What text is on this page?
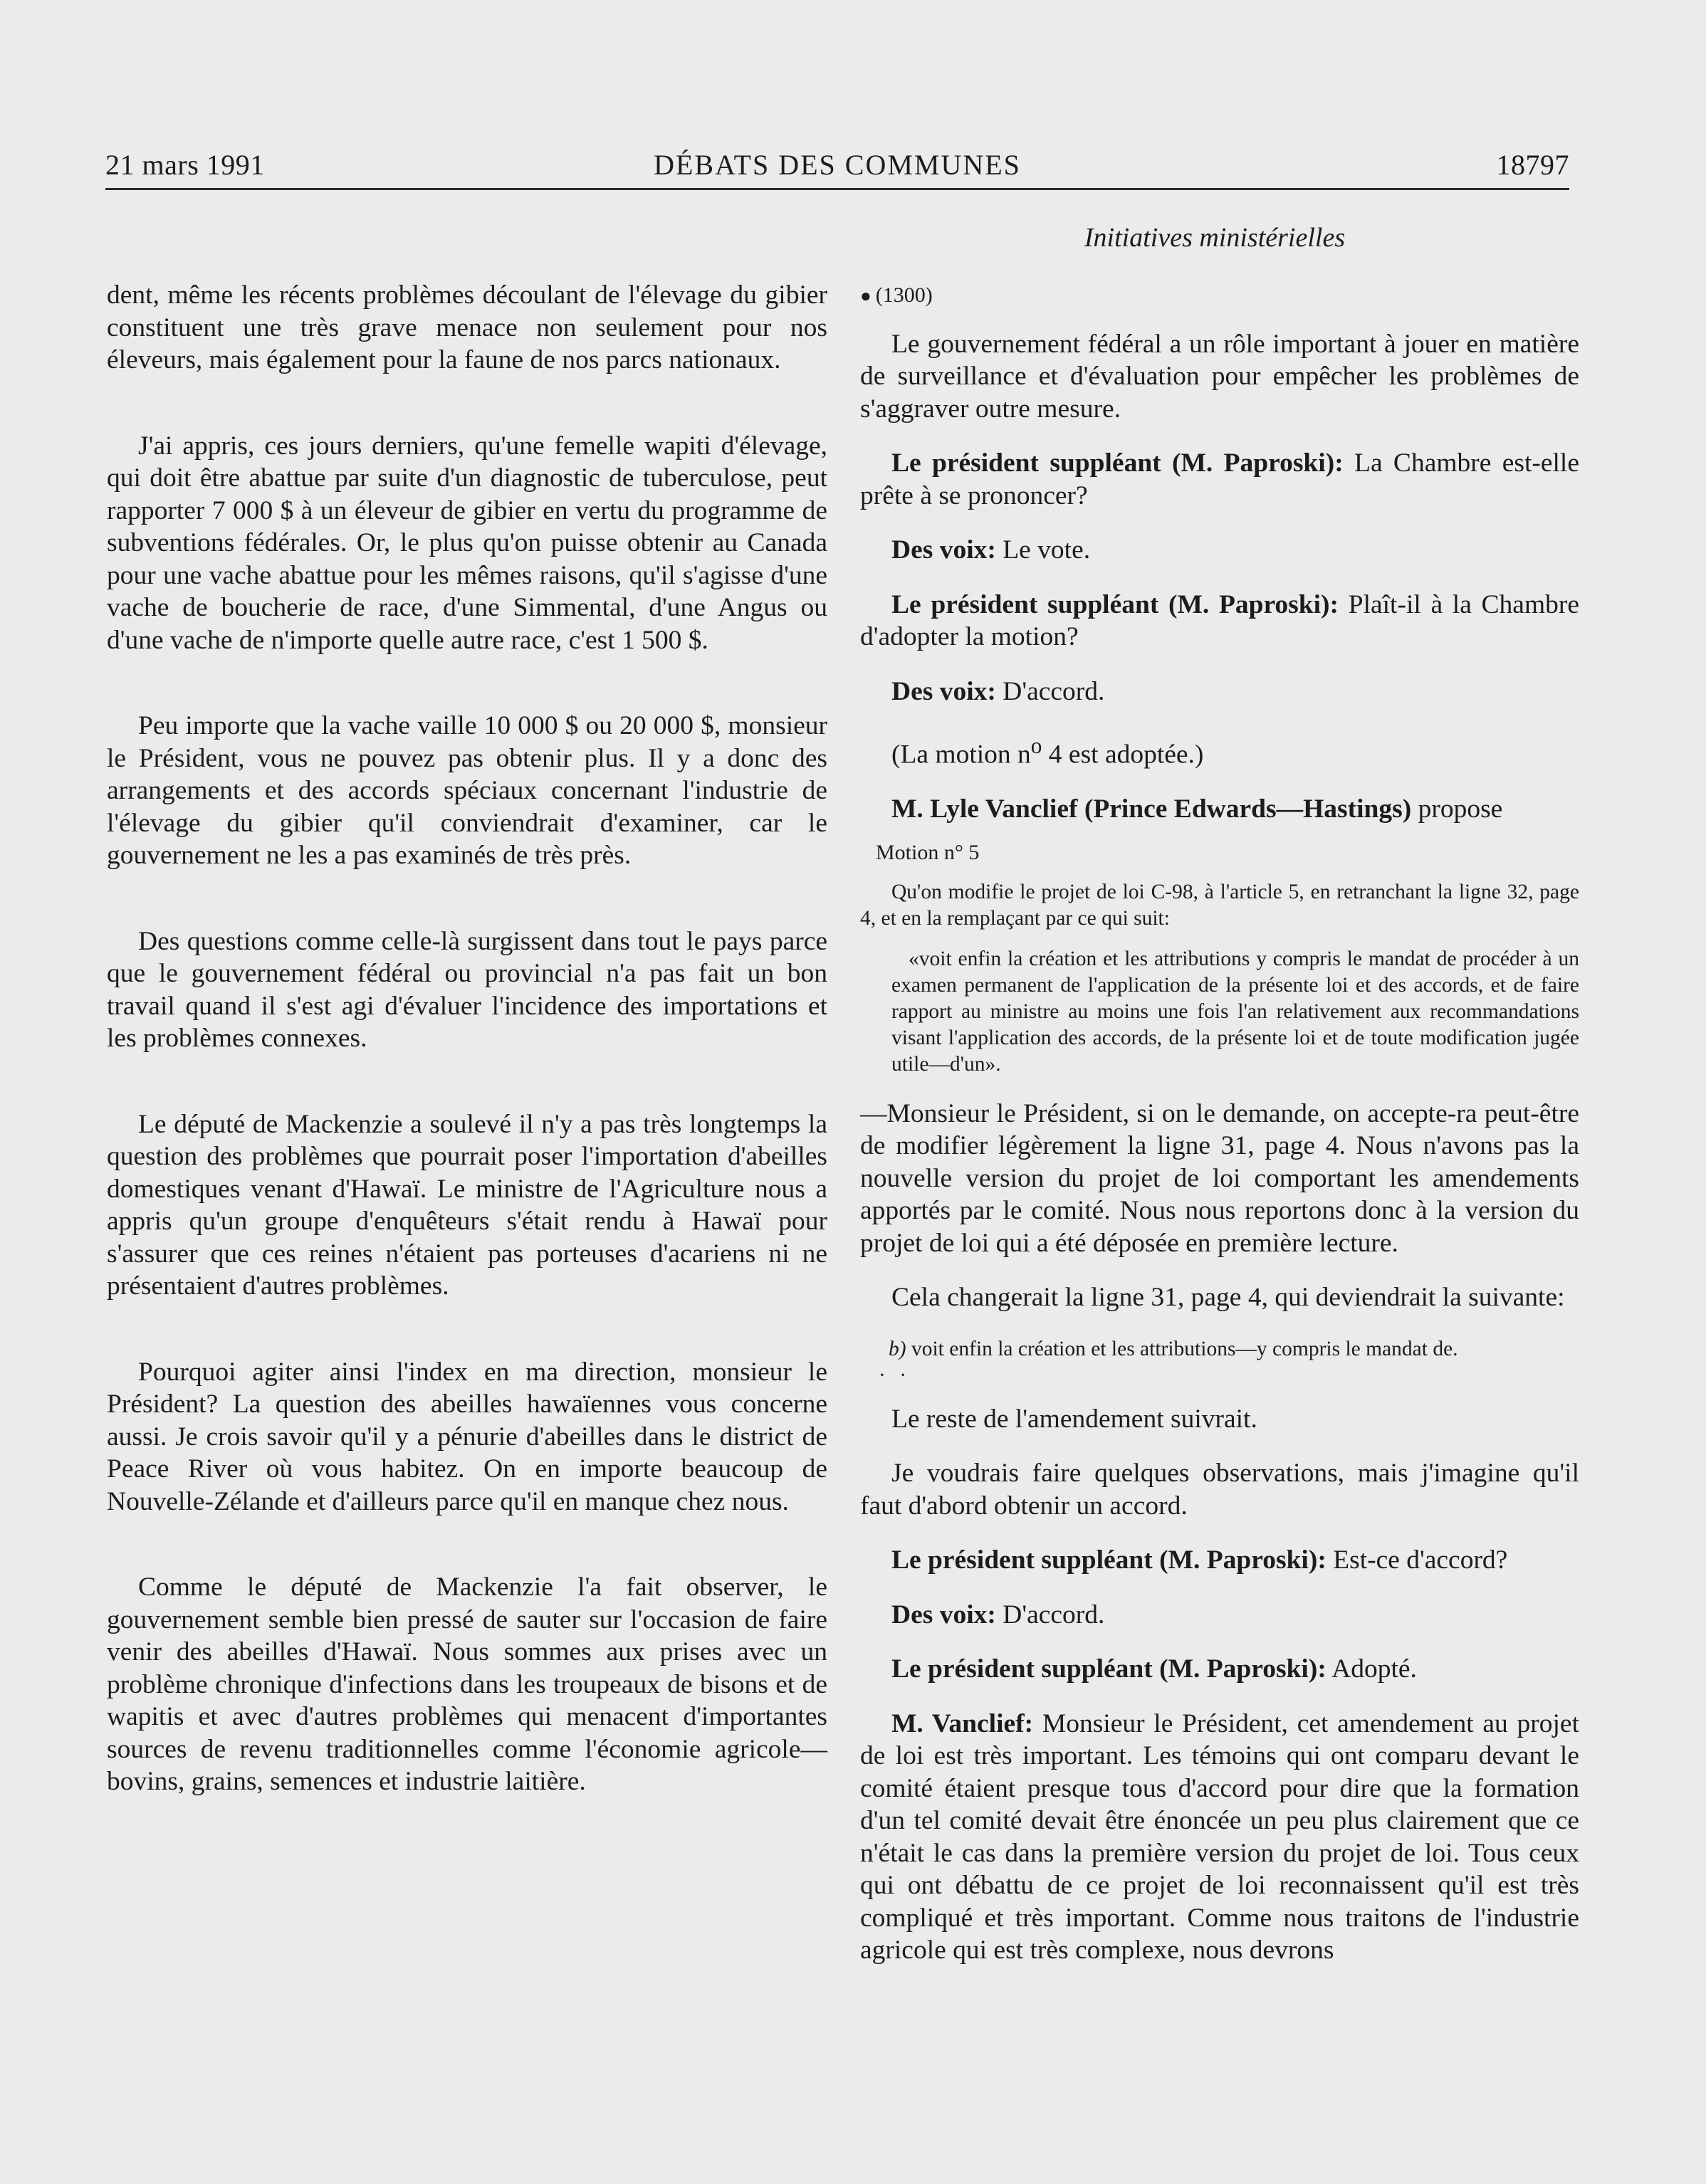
21 mars 1991	DÉBATS DES COMMUNES	18797
Initiatives ministérielles

dent, même les récents problèmes découlant de l'élevage du gibier constituent une très grave menace non seulement pour nos éleveurs, mais également pour la faune de nos parcs nationaux.

J'ai appris, ces jours derniers, qu'une femelle wapiti d'élevage, qui doit être abattue par suite d'un diagnostic de tuberculose, peut rapporter 7 000 $ à un éleveur de gibier en vertu du programme de subventions fédérales. Or, le plus qu'on puisse obtenir au Canada pour une vache abattue pour les mêmes raisons, qu'il s'agisse d'une vache de boucherie de race, d'une Simmental, d'une Angus ou d'une vache de n'importe quelle autre race, c'est 1 500 $.

Peu importe que la vache vaille 10 000 $ ou 20 000 $, monsieur le Président, vous ne pouvez pas obtenir plus. Il y a donc des arrangements et des accords spéciaux concernant l'industrie de l'élevage du gibier qu'il conviendrait d'examiner, car le gouvernement ne les a pas examinés de très près.

Des questions comme celle-là surgissent dans tout le pays parce que le gouvernement fédéral ou provincial n'a pas fait un bon travail quand il s'est agi d'évaluer l'incidence des importations et les problèmes connexes.

Le député de Mackenzie a soulevé il n'y a pas très longtemps la question des problèmes que pourrait poser l'importation d'abeilles domestiques venant d'Hawaï. Le ministre de l'Agriculture nous a appris qu'un groupe d'enquêteurs s'était rendu à Hawaï pour s'assurer que ces reines n'étaient pas porteuses d'acariens ni ne présentaient d'autres problèmes.

Pourquoi agiter ainsi l'index en ma direction, monsieur le Président? La question des abeilles hawaïennes vous concerne aussi. Je crois savoir qu'il y a pénurie d'abeilles dans le district de Peace River où vous habitez. On en importe beaucoup de Nouvelle-Zélande et d'ailleurs parce qu'il en manque chez nous.

Comme le député de Mackenzie l'a fait observer, le gouvernement semble bien pressé de sauter sur l'occasion de faire venir des abeilles d'Hawaï. Nous sommes aux prises avec un problème chronique d'infections dans les troupeaux de bisons et de wapitis et avec d'autres problèmes qui menacent d'importantes sources de revenu traditionnelles comme l'économie agricole—bovins, grains, semences et industrie laitière.

● (1300)

Le gouvernement fédéral a un rôle important à jouer en matière de surveillance et d'évaluation pour empêcher les problèmes de s'aggraver outre mesure.

Le président suppléant (M. Paproski): La Chambre est-elle prête à se prononcer?

Des voix: Le vote.

Le président suppléant (M. Paproski): Plaît-il à la Chambre d'adopter la motion?

Des voix: D'accord.

(La motion $n^o$ 4 est adoptée.)

M. Lyle Vanclief (Prince Edwards—Hastings) propose

Motion n° 5

Qu'on modifie le projet de loi C-98, à l'article 5, en retranchant la ligne 32, page 4, et en la remplaçant par ce qui suit:

«voit enfin la création et les attributions y compris le mandat de procéder à un examen permanent de l'application de la présente loi et des accords, et de faire rapport au ministre au moins une fois l'an relativement aux recommandations visant l'application des accords, de la présente loi et de toute modification jugée utile—d'un».

—Monsieur le Président, si on le demande, on accepte-ra peut-être de modifier légèrement la ligne 31, page 4. Nous n'avons pas la nouvelle version du projet de loi comportant les amendements apportés par le comité. Nous nous reportons donc à la version du projet de loi qui a été déposée en première lecture.

Cela changerait la ligne 31, page 4, qui deviendrait la suivante:

b) voit enfin la création et les attributions—y compris le mandat de.
· ·

Le reste de l'amendement suivrait.

Je voudrais faire quelques observations, mais j'imagine qu'il faut d'abord obtenir un accord.

Le président suppléant (M. Paproski): Est-ce d'accord?

Des voix: D'accord.

Le président suppléant (M. Paproski): Adopté.

M. Vanclief: Monsieur le Président, cet amendement au projet de loi est très important. Les témoins qui ont comparu devant le comité étaient presque tous d'accord pour dire que la formation d'un tel comité devait être énoncée un peu plus clairement que ce n'était le cas dans la première version du projet de loi. Tous ceux qui ont débattu de ce projet de loi reconnaissent qu'il est très compliqué et très important. Comme nous traitons de l'industrie agricole qui est très complexe, nous devrons
